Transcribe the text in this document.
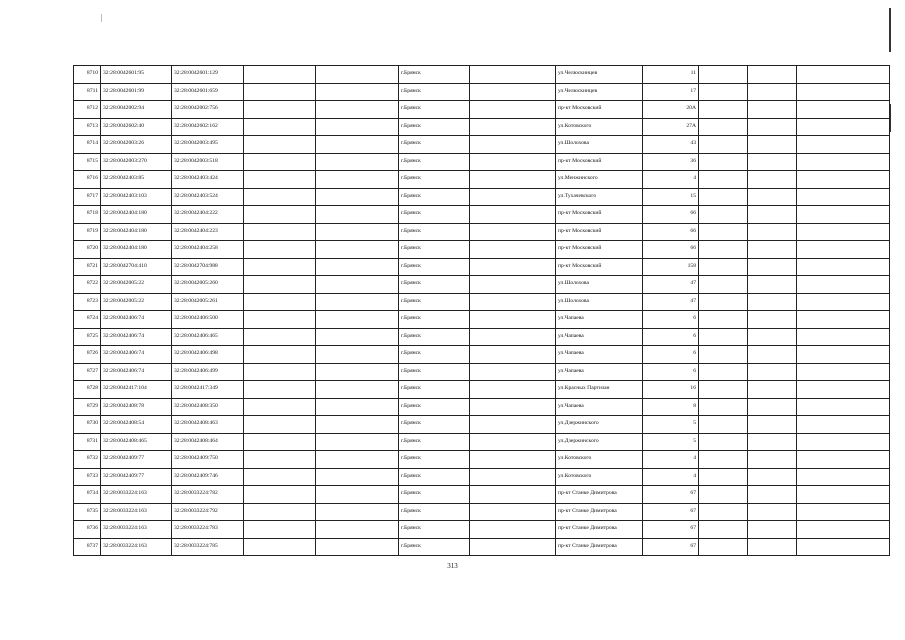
8710	32:28:0042601:95	32:28:0042601:129			г.Брянск		ул.Челюскинцев	11			
8711	32:28:0042601:99	32:28:0042601:659			г.Брянск		ул.Челюскинцев	17			
8712	32:28:0042002:94	32:28:0042002:756			г.Брянск		пр-кт Московский	20А			
8713	32:28:0042602:40	32:28:0042602:162			г.Брянск		ул.Котовского	27А			
8714	32:28:0042003:26	32:28:0042003:495			г.Брянск		ул.Шолохова	43			
8715	32:28:0042003:270	32:28:0042003:518			г.Брянск		пр-кт Московский	36			
8716	32:28:0042403:85	32:28:0042403:424			г.Брянск		ул.Менжинского	4			
8717	32:28:0042403:103	32:28:0042403:524			г.Брянск		ул.Тухачевского	15			
8718	32:28:0042404:180	32:28:0042404:222			г.Брянск		пр-кт Московский	66			
8719	32:28:0042404:180	32:28:0042404:223			г.Брянск		пр-кт Московский	66			
8720	32:28:0042404:180	32:28:0042404:258			г.Брянск		пр-кт Московский	66			
8721	32:28:0042704:410	32:28:0042704:988			г.Брянск		пр-кт Московский	158			
8722	32:28:0042005:22	32:28:0042005:260			г.Брянск		ул.Шолохова	47			
8723	32:28:0042005:22	32:28:0042005:261			г.Брянск		ул.Шолохова	47			
8724	32:28:0042406:74	32:28:0042406:500			г.Брянск		ул.Чапаева	6			
8725	32:28:0042406:74	32:28:0042406:465			г.Брянск		ул.Чапаева	6			
8726	32:28:0042406:74	32:28:0042406:498			г.Брянск		ул.Чапаева	6			
8727	32:28:0042406:74	32:28:0042406:499			г.Брянск		ул.Чапаева	6			
8728	32:28:0042417:104	32:28:0042417:349			г.Брянск		ул.Красных Партизан	16			
8729	32:28:0042408:78	32:28:0042408:350			г.Брянск		ул.Чапаева	8			
8730	32:28:0042408:54	32:28:0042408:463			г.Брянск		ул.Дзержинского	5			
8731	32:28:0042408:465	32:28:0042408:464			г.Брянск		ул.Дзержинского	5			
8732	32:28:0042409:77	32:28:0042409:750			г.Брянск		ул.Котовского	4			
8733	32:28:0042409:77	32:28:0042409:746			г.Брянск		ул.Котовского	4			
8734	32:28:0033224:163	32:28:0033224:782			г.Брянск		пр-кт Станке Димитрова	67			
8735	32:28:0033224:163	32:28:0033224:792			г.Брянск		пр-кт Станке Димитрова	67			
8736	32:28:0033224:163	32:28:0033224:783			г.Брянск		пр-кт Станке Димитрова	67			
8737	32:28:0033224:163	32:28:0033224:785			г.Брянск		пр-кт Станке Димитрова	67			
313
